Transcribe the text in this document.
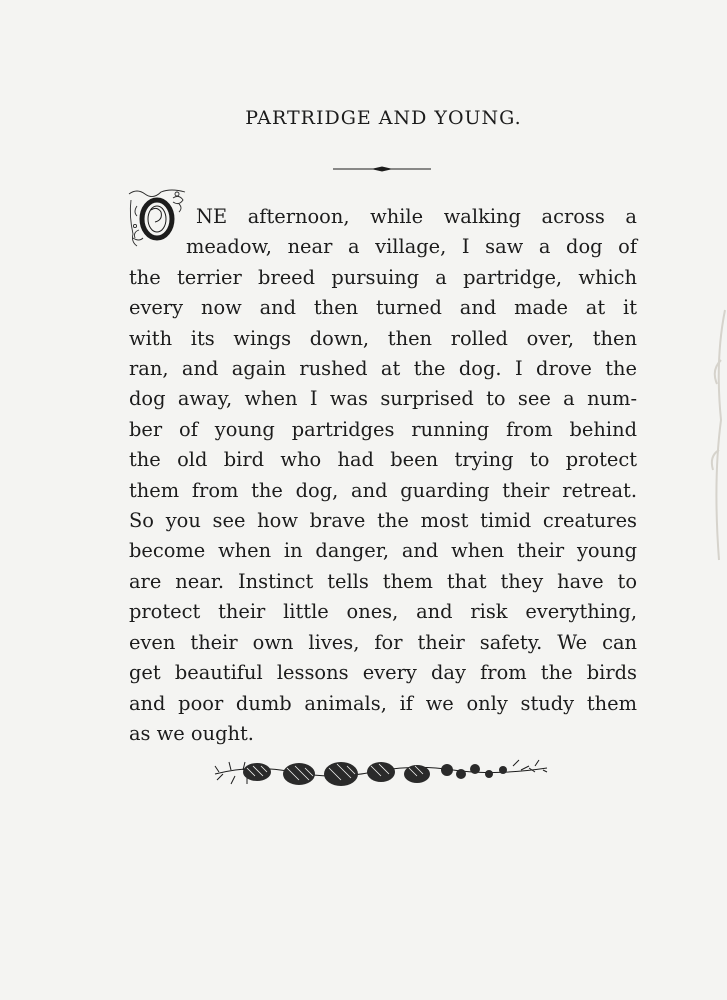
PARTRIDGE AND YOUNG.
NE afternoon, while walking across a
meadow, near a village, I saw a dog of
the terrier breed pursuing a partridge, which
every now and then turned and made at it
with its wings down, then rolled over, then
ran, and again rushed at the dog. I drove the
dog away, when I was surprised to see a num-
ber of young partridges running from behind
the old bird who had been trying to protect
them from the dog, and guarding their retreat.
So you see how brave the most timid creatures
become when in danger, and when their young
are near. Instinct tells them that they have to
protect their little ones, and risk everything,
even their own lives, for their safety. We can
get beautiful lessons every day from the birds
and poor dumb animals, if we only study them
as we ought.
